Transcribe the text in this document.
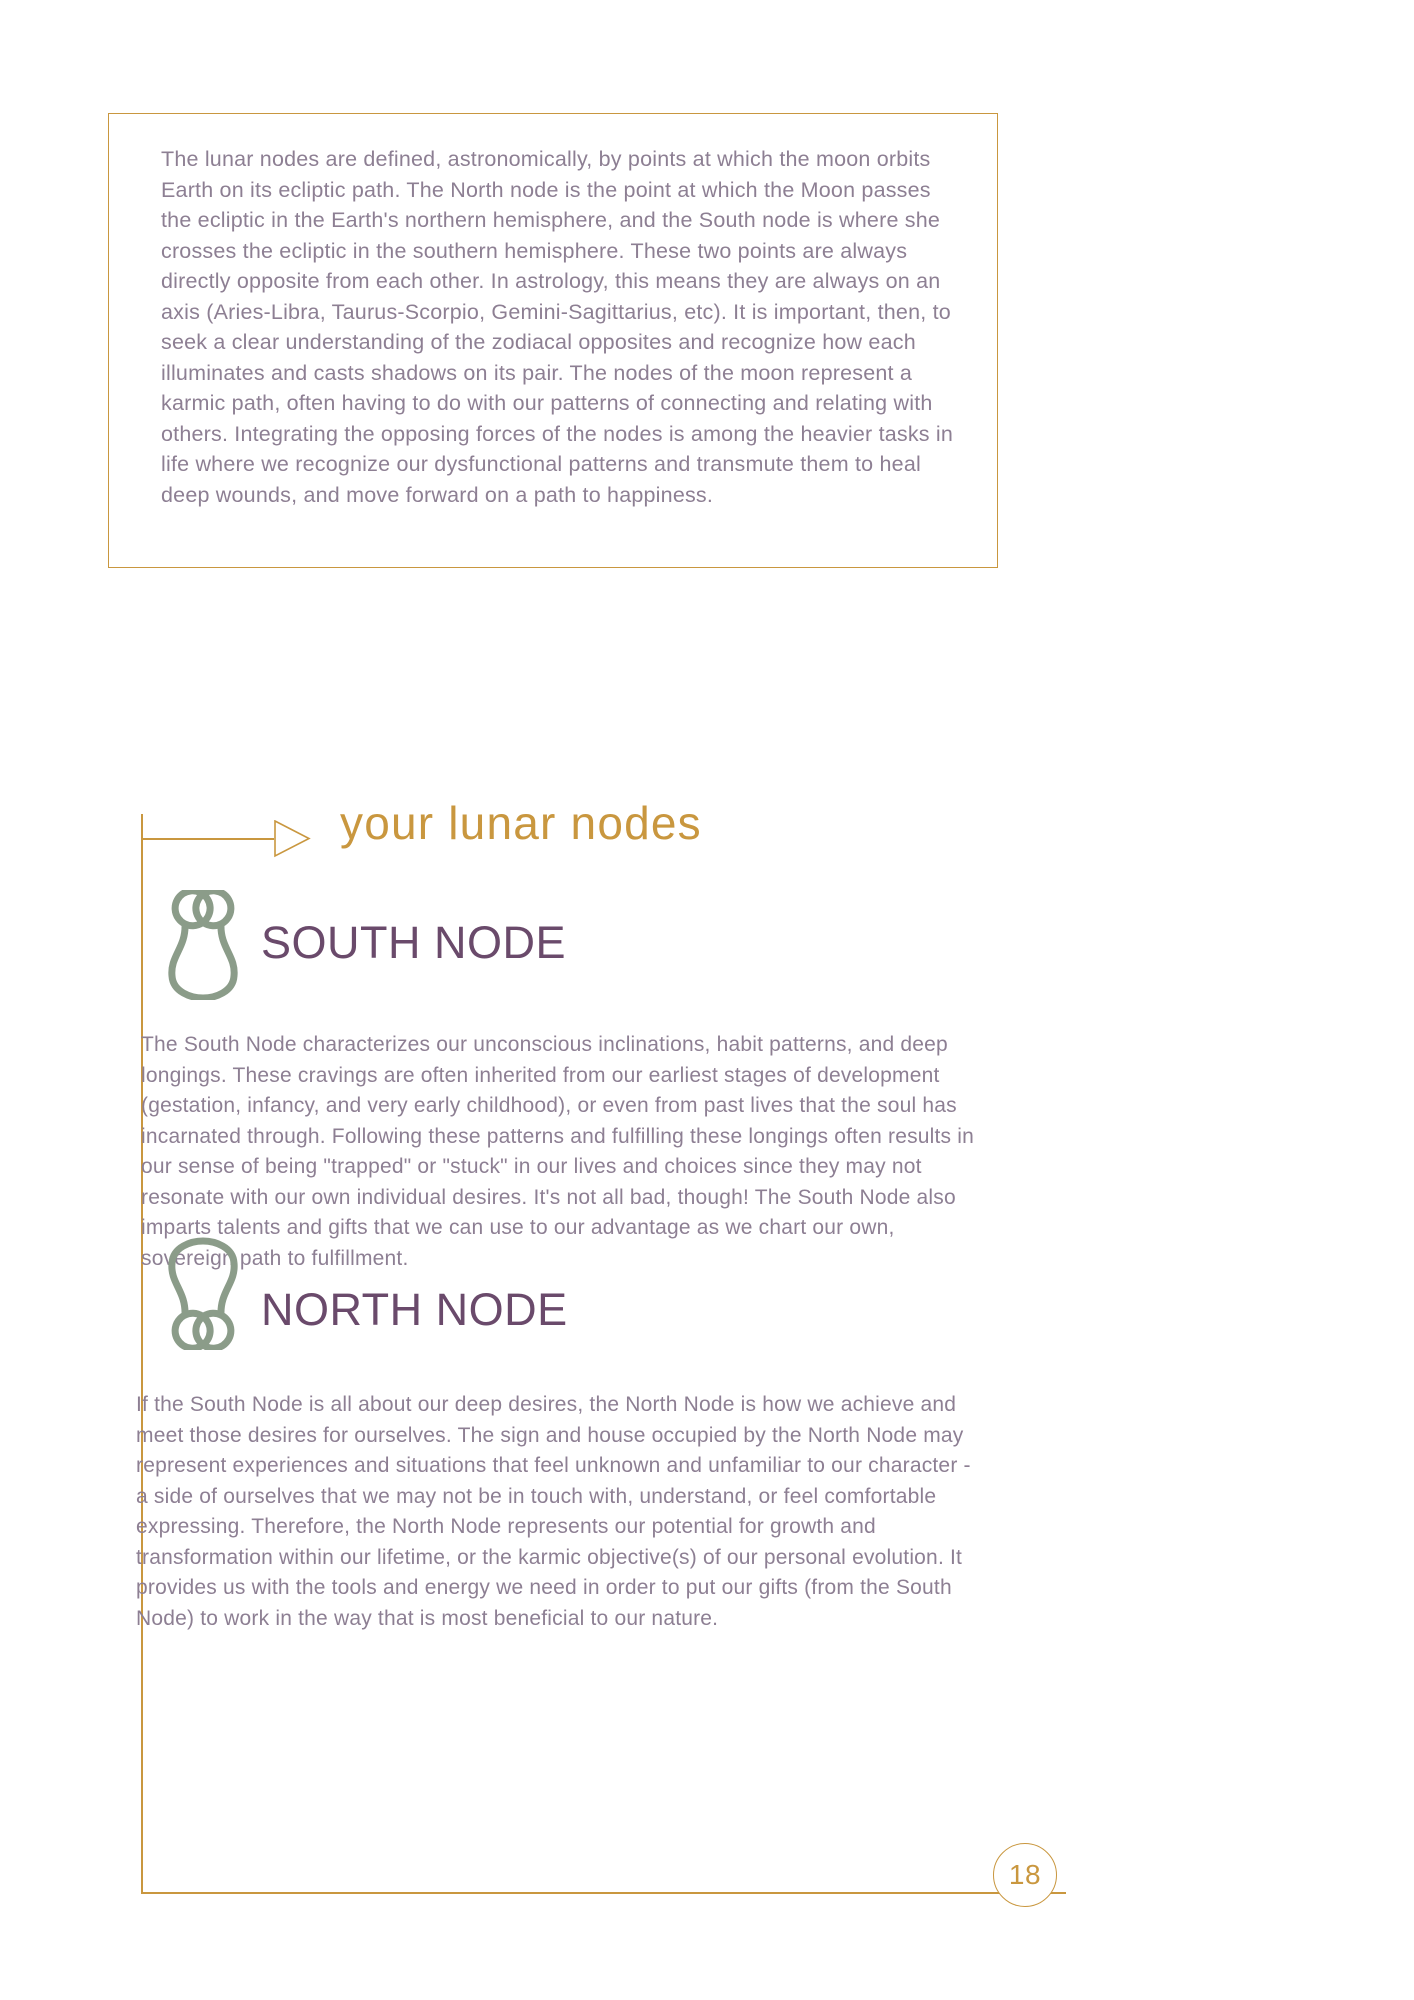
The lunar nodes are defined, astronomically, by points at which the moon orbits Earth on its ecliptic path. The North node is the point at which the Moon passes the ecliptic in the Earth's northern hemisphere, and the South node is where she crosses the ecliptic in the southern hemisphere. These two points are always directly opposite from each other. In astrology, this means they are always on an axis (Aries-Libra, Taurus-Scorpio, Gemini-Sagittarius, etc). It is important, then, to seek a clear understanding of the zodiacal opposites and recognize how each illuminates and casts shadows on its pair. The nodes of the moon represent a karmic path, often having to do with our patterns of connecting and relating with others. Integrating the opposing forces of the nodes is among the heavier tasks in life where we recognize our dysfunctional patterns and transmute them to heal deep wounds, and move forward on a path to happiness.
your lunar nodes
SOUTH NODE
The South Node characterizes our unconscious inclinations, habit patterns, and deep longings. These cravings are often inherited from our earliest stages of development (gestation, infancy, and very early childhood), or even from past lives that the soul has incarnated through. Following these patterns and fulfilling these longings often results in our sense of being "trapped" or "stuck" in our lives and choices since they may not resonate with our own individual desires. It's not all bad, though! The South Node also imparts talents and gifts that we can use to our advantage as we chart our own, sovereign path to fulfillment.
NORTH NODE
If the South Node is all about our deep desires, the North Node is how we achieve and meet those desires for ourselves. The sign and house occupied by the North Node may represent experiences and situations that feel unknown and unfamiliar to our character - a side of ourselves that we may not be in touch with, understand, or feel comfortable expressing. Therefore, the North Node represents our potential for growth and transformation within our lifetime, or the karmic objective(s) of our personal evolution. It provides us with the tools and energy we need in order to put our gifts (from the South Node) to work in the way that is most beneficial to our nature.
18
